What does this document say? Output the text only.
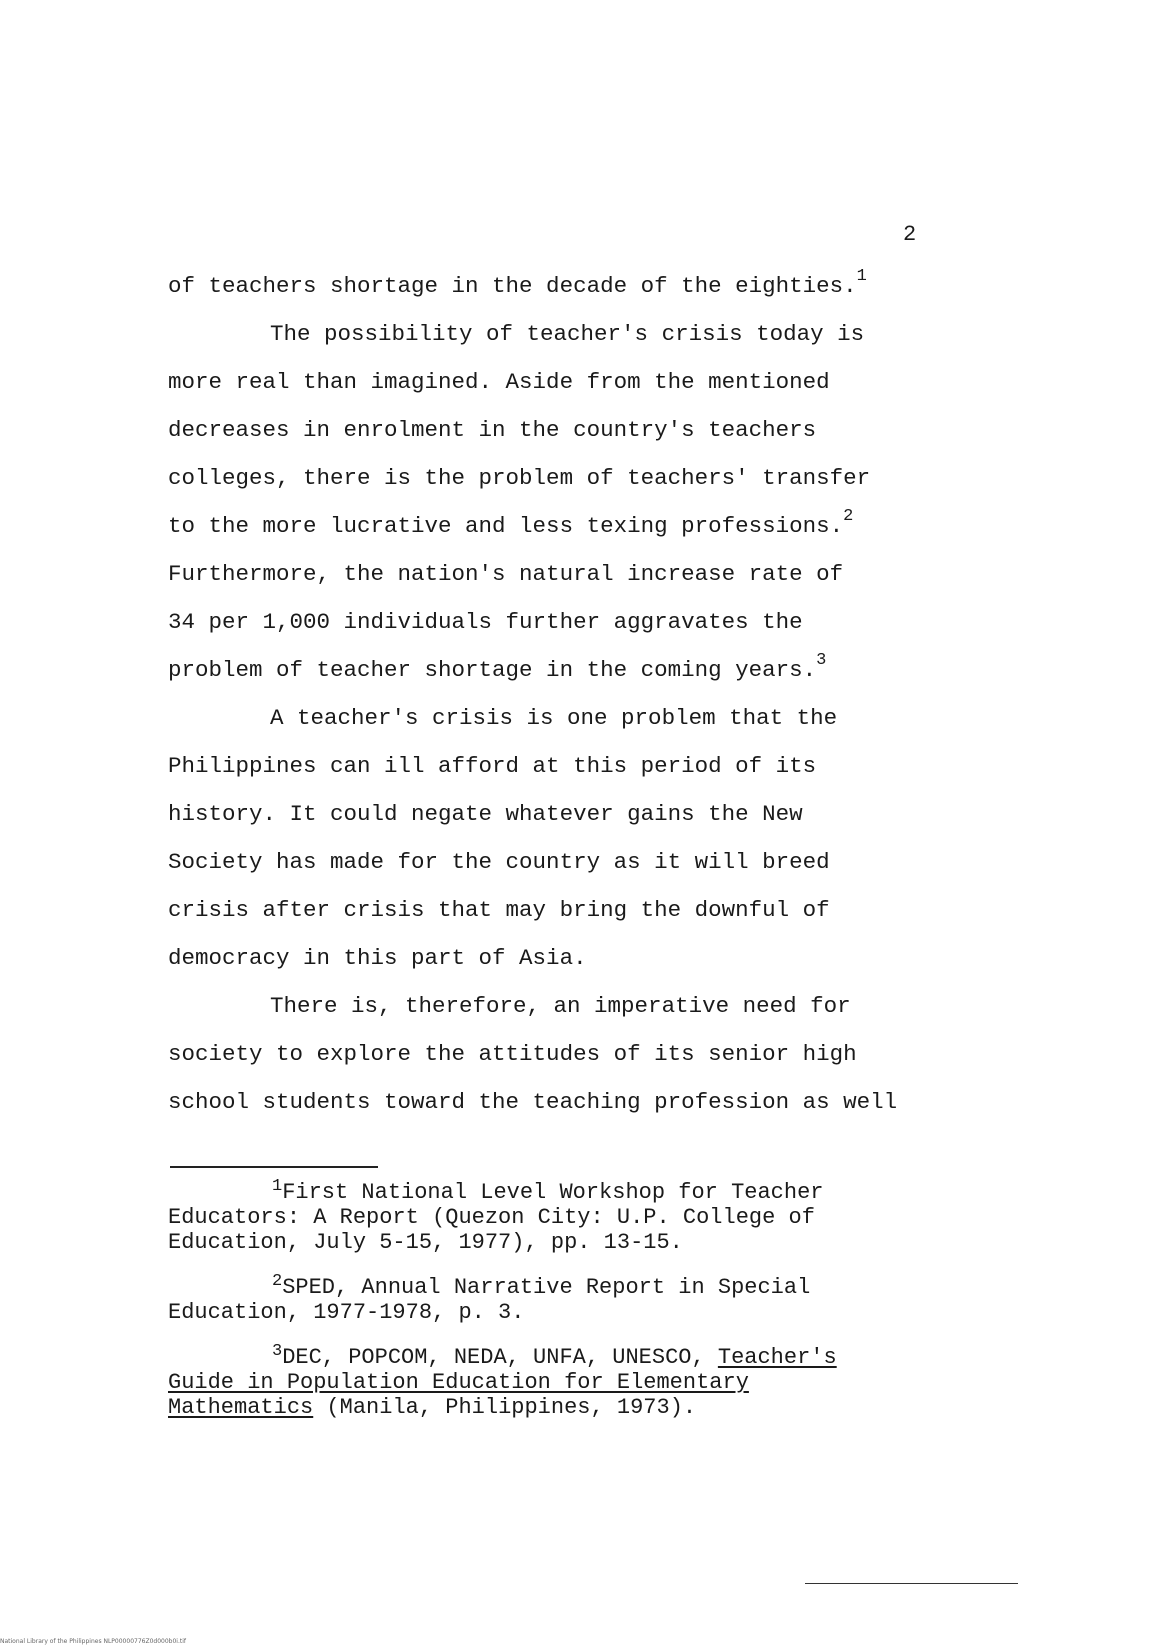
2
of teachers shortage in the decade of the eighties.$^1$
The possibility of teacher's crisis today is
more real than imagined. Aside from the mentioned
decreases in enrolment in the country's teachers
colleges, there is the problem of teachers' transfer
to the more lucrative and less texing professions.$^2$
Furthermore, the nation's natural increase rate of
34 per 1,000 individuals further aggravates the
problem of teacher shortage in the coming years.$^3$
A teacher's crisis is one problem that the
Philippines can ill afford at this period of its
history. It could negate whatever gains the New
Society has made for the country as it will breed
crisis after crisis that may bring the downful of
democracy in this part of Asia.
There is, therefore, an imperative need for
society to explore the attitudes of its senior high
school students toward the teaching profession as well
$^1$First National Level Workshop for Teacher
Educators: A Report (Quezon City: U.P. College of
Education, July 5-15, 1977), pp. 13-15.
$^2$SPED, Annual Narrative Report in Special
Education, 1977-1978, p. 3.
$^3$DEC, POPCOM, NEDA, UNFA, UNESCO, Teacher's
Guide in Population Education for Elementary
Mathematics (Manila, Philippines, 1973).
National Library of the Philippines NLP00000776Z0d000b0i.tif
